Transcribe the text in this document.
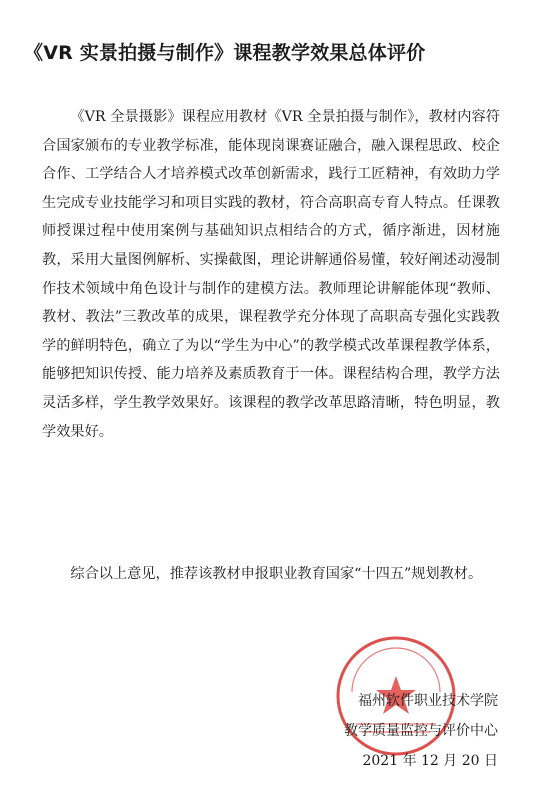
《VR 实景拍摄与制作》课程教学效果总体评价

《VR 全景摄影》课程应用教材《VR 全景拍摄与制作》，教材内容符合国家颁布的专业教学标准，能体现岗课赛证融合，融入课程思政、校企合作、工学结合人才培养模式改革创新需求，践行工匠精神，有效助力学生完成专业技能学习和项目实践的教材，符合高职高专育人特点。任课教师授课过程中使用案例与基础知识点相结合的方式，循序渐进，因材施教，采用大量图例解析、实操截图，理论讲解通俗易懂，较好阐述动漫制作技术领域中角色设计与制作的建模方法。教师理论讲解能体现“教师、教材、教法”三教改革的成果，课程教学充分体现了高职高专强化实践教学的鲜明特色，确立了为以“学生为中心”的教学模式改革课程教学体系，能够把知识传授、能力培养及素质教育于一体。课程结构合理，教学方法灵活多样，学生教学效果好。该课程的教学改革思路清晰，特色明显，教学效果好。

综合以上意见，推荐该教材申报职业教育国家“十四五”规划教材。

福州软件职业技术学院
教学质量监控与评价中心
2021 年 12 月 20 日
